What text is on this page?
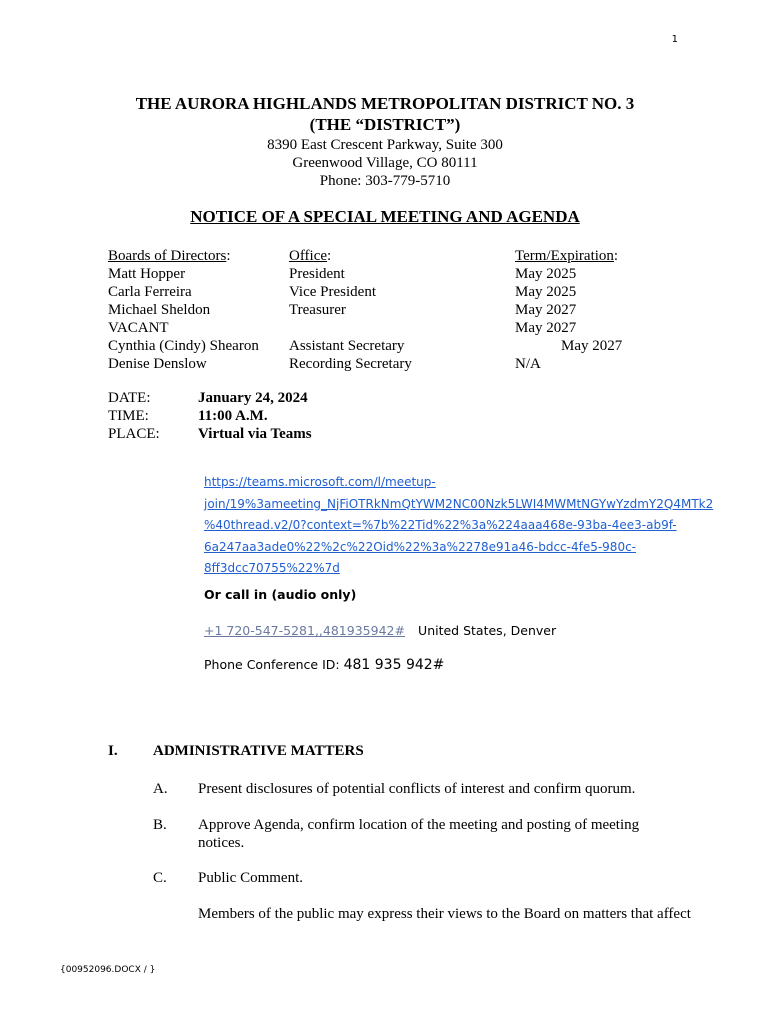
1
THE AURORA HIGHLANDS METROPOLITAN DISTRICT NO. 3
(THE “DISTRICT”)
8390 East Crescent Parkway, Suite 300
Greenwood Village, CO 80111
Phone: 303-779-5710
NOTICE OF A SPECIAL MEETING AND AGENDA
Boards of Directors:
Matt Hopper
Carla Ferreira
Michael Sheldon
VACANT
Cynthia (Cindy) Shearon
Denise Denslow
Office:
President
Vice President
Treasurer
Assistant Secretary
Recording Secretary
Term/Expiration:
May 2025
May 2025
May 2027
May 2027
May 2027
N/A
DATE:
TIME:
PLACE:
January 24, 2024
11:00 A.M.
Virtual via Teams
https://teams.microsoft.com/l/meetup-
join/19%3ameeting_NjFiOTRkNmQtYWM2NC00Nzk5LWI4MWMtNGYwYzdmY2Q4MTk2
%40thread.v2/0?context=%7b%22Tid%22%3a%224aaa468e-93ba-4ee3-ab9f-
6a247aa3ade0%22%2c%22Oid%22%3a%2278e91a46-bdcc-4fe5-980c-
8ff3dcc70755%22%7d
Or call in (audio only)
+1 720-547-5281,,481935942# United States, Denver
Phone Conference ID: 481 935 942#
I. ADMINISTRATIVE MATTERS
A. Present disclosures of potential conflicts of interest and confirm quorum.
B. Approve Agenda, confirm location of the meeting and posting of meeting
notices.
C. Public Comment.
Members of the public may express their views to the Board on matters that affect
{00952096.DOCX / }
